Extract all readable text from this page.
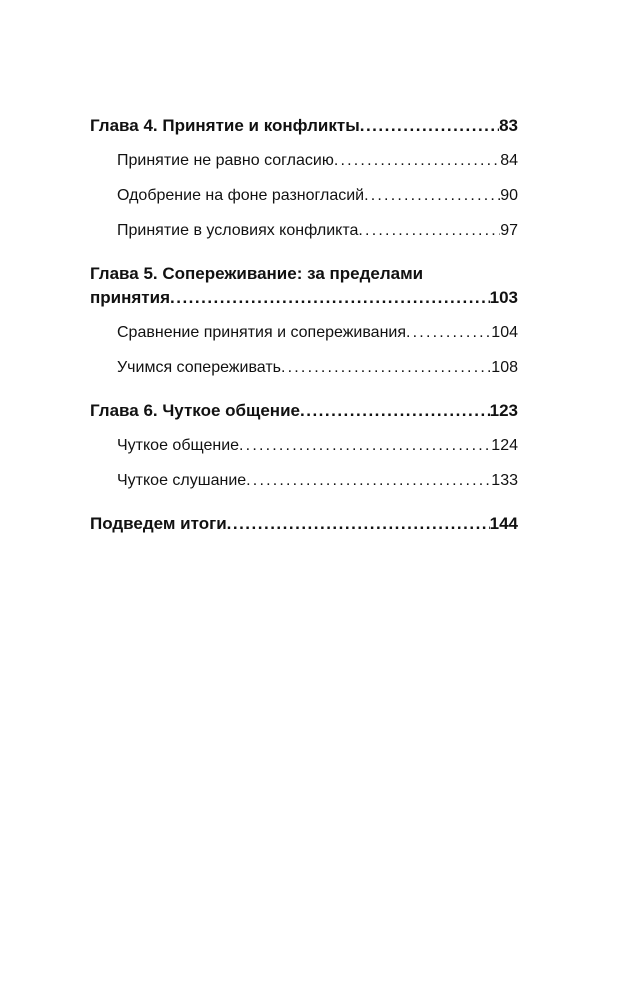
Глава 4. Принятие и конфликты .....	83
Принятие не равно согласию .....	84
Одобрение на фоне разногласий .....	90
Принятие в условиях конфликта .....	97
Глава 5. Сопереживание: за пределами
принятия .....	103
Сравнение принятия и сопереживания .....	104
Учимся сопереживать .....	108
Глава 6. Чуткое общение .....	123
Чуткое общение .....	124
Чуткое слушание .....	133
Подведем итоги .....	144
